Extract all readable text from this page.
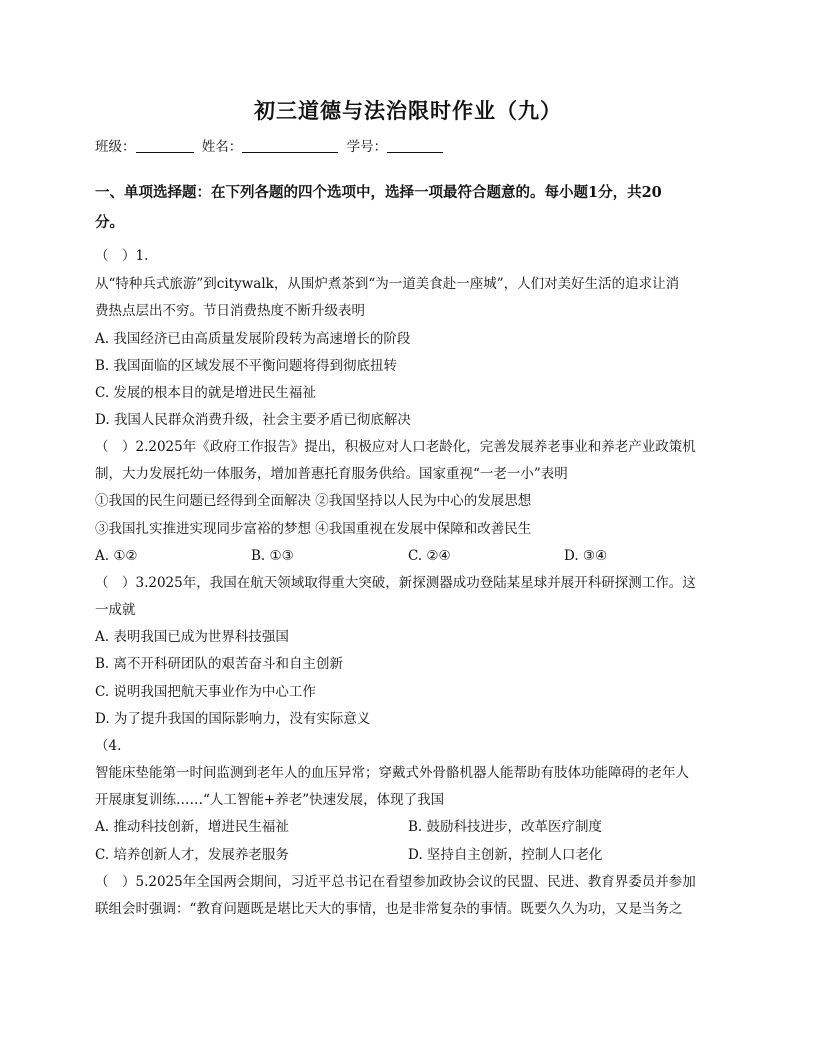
初三道德与法治限时作业（九）
班级：	姓名：	学号：
一、单项选择题：在下列各题的四个选项中，选择一项最符合题意的。每小题1分，共20
分。
（　）1.
从“特种兵式旅游”到citywalk，从围炉煮茶到“为一道美食赴一座城”，人们对美好生活的追求让消
费热点层出不穷。节日消费热度不断升级表明
A. 我国经济已由高质量发展阶段转为高速增长的阶段
B. 我国面临的区域发展不平衡问题将得到彻底扭转
C. 发展的根本目的就是增进民生福祉
D. 我国人民群众消费升级，社会主要矛盾已彻底解决
（　）2.2025年《政府工作报告》提出，积极应对人口老龄化，完善发展养老事业和养老产业政策机
制，大力发展托幼一体服务，增加普惠托育服务供给。国家重视“一老一小”表明
①我国的民生问题已经得到全面解决 ②我国坚持以人民为中心的发展思想
③我国扎实推进实现同步富裕的梦想 ④我国重视在发展中保障和改善民生
A. ①②	B. ①③	C. ②④	D. ③④
（　）3.2025年，我国在航天领域取得重大突破，新探测器成功登陆某星球并展开科研探测工作。这
一成就
A. 表明我国已成为世界科技强国
B. 离不开科研团队的艰苦奋斗和自主创新
C. 说明我国把航天事业作为中心工作
D. 为了提升我国的国际影响力，没有实际意义
（4.
智能床垫能第一时间监测到老年人的血压异常；穿戴式外骨骼机器人能帮助有肢体功能障碍的老年人
开展康复训练……“人工智能+养老”快速发展，体现了我国
A. 推动科技创新，增进民生福祉	B. 鼓励科技进步，改革医疗制度
C. 培养创新人才，发展养老服务	D. 坚持自主创新，控制人口老化
（　）5.2025年全国两会期间，习近平总书记在看望参加政协会议的民盟、民进、教育界委员并参加
联组会时强调：“教育问题既是堪比天大的事情，也是非常复杂的事情。既要久久为功，又是当务之
